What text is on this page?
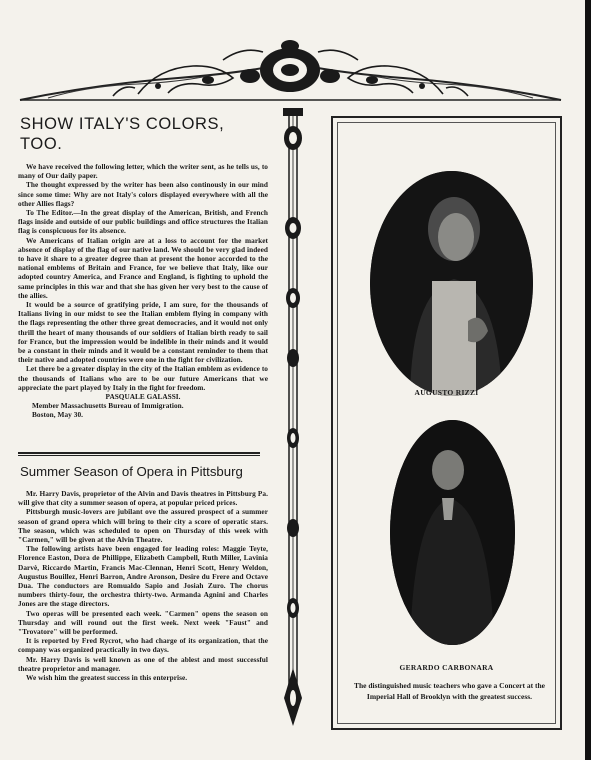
SHOW ITALY'S COLORS, TOO.

We have received the following letter, which the writer sent, as he tells us, to many of Our daily paper.

The thought expressed by the writer has been also continously in our mind since some time: Why are not Italy's colors displayed everywhere with all the other Allies flags?

To The Editor.—In the great display of the American, British, and French flags inside and outside of our public buildings and office structures the Italian flag is conspicuous for its absence.

We Americans of Italian origin are at a loss to account for the market absence of display of the flag of our native land. We should be very glad indeed to have it share to a greater degree than at present the honor accorded to the national emblems of Britain and France, for we believe that Italy, like our adopted country America, and France and England, is fighting to uphold the same principles in this war and that she has given her very best to the cause of the allies.

It would be a source of gratifying pride, I am sure, for the thousands of Italians living in our midst to see the Italian emblem flying in company with the flags representing the other three great democracies, and it would not only thrill the heart of many thousands of our soldiers of Italian birth ready to sail for France, but the impression would be indelible in their minds and it would be a constant in their minds and it would be a constant reminder to them that their native and adopted countries were one in the fight for civilization.

Let there be a greater display in the city of the Italian emblem as evidence to the thousands of Italians who are to be our future Americans that we appreciate the part played by Italy in the fight for freedom.

PASQUALE GALASSI.

Member Massachusetts Bureau of Immigration.

Boston, May 30.

Summer Season of Opera in Pittsburg

Mr. Harry Davis, proprietor of the Alvin and Davis theatres in Pittsburg Pa. will give that city a summer season of opera, at popular priced prices.

Pittsburgh music-lovers are jubilant ove the assured prospect of a summer season of grand opera which will bring to their city a score of operatic stars. The season, which was scheduled to open on Thursday of this week with "Carmen," will be given at the Alvin Theatre.

The following artists have been engaged for leading roles: Maggie Teyte, Florence Easton, Dora de Phillippe, Elizabeth Campbell, Ruth Miller, Lavinia Darvè, Riccardo Martin, Francis Mac-Clennan, Henri Scott, Henry Weldon, Augustus Bouillez, Henri Barron, Andre Aronson, Desire du Frere and Octave Dua. The conductors are Romualdo Sapio and Josiah Zuro. The chorus numbers thirty-four, the orchestra thirty-two. Armanda Agnini and Charles Jones are the stage directors.

Two operas will be presented each week. "Carmen" opens the season on Thursday and will round out the first week. Next week "Faust" and "Trovatore" will be performed.

It is reported by Fred Rycrot, who had charge of its organization, that the company was organized practically in two days.

Mr. Harry Davis is well known as one of the ablest and most successful theatre proprietor and manager.

We wish him the greatest success in this enterprise.

AUGUSTO RIZZI
GERARDO CARBONARA
The distinguished music teachers who gave a Concert at the Imperial Hall of Brooklyn with the greatest success.
